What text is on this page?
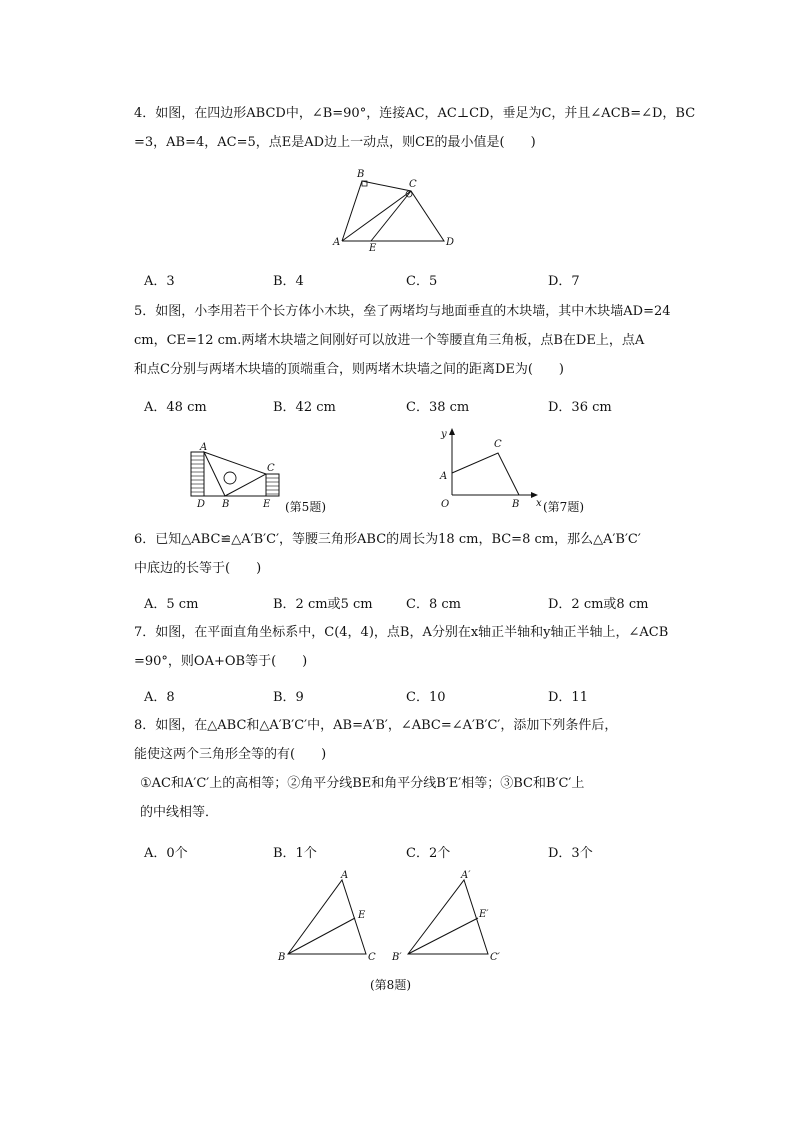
4．如图，在四边形ABCD中，∠B=90°，连接AC，AC⊥CD，垂足为C，并且∠ACB=∠D，BC
=3，AB=4，AC=5，点E是AD边上一动点，则CE的最小值是(　　)
B
C
A
E
D
A．3	B．4	C．5	D．7
5．如图，小李用若干个长方体小木块，垒了两堵均与地面垂直的木块墙，其中木块墙AD=24
cm，CE=12 cm.两堵木块墙之间刚好可以放进一个等腰直角三角板，点B在DE上，点A
和点C分别与两堵木块墙的顶端重合，则两堵木块墙之间的距离DE为(　　)
A．48 cm	B．42 cm	C．38 cm	D．36 cm
A
C
D B	E (第5题)
y
x
O
A
C
B (第7题)
6．已知△ABC≌△A′B′C′，等腰三角形ABC的周长为18 cm，BC=8 cm，那么△A′B′C′
中底边的长等于(　　)
A．5 cm	B．2 cm或5 cm	C．8 cm	D．2 cm或8 cm
7．如图，在平面直角坐标系中，C(4，4)，点B，A分别在x轴正半轴和y轴正半轴上，∠ACB
=90°，则OA+OB等于(　　)
A．8	B．9	C．10	D．11
8．如图，在△ABC和△A′B′C′中，AB=A′B′，∠ABC=∠A′B′C′，添加下列条件后，
能使这两个三角形全等的有(　　)
①AC和A′C′上的高相等；②角平分线BE和角平分线B′E′相等；③BC和B′C′上
的中线相等．
A．0个	B．1个	C．2个	D．3个
A
B	C
E
A′
B′	C′
E′
(第8题)
